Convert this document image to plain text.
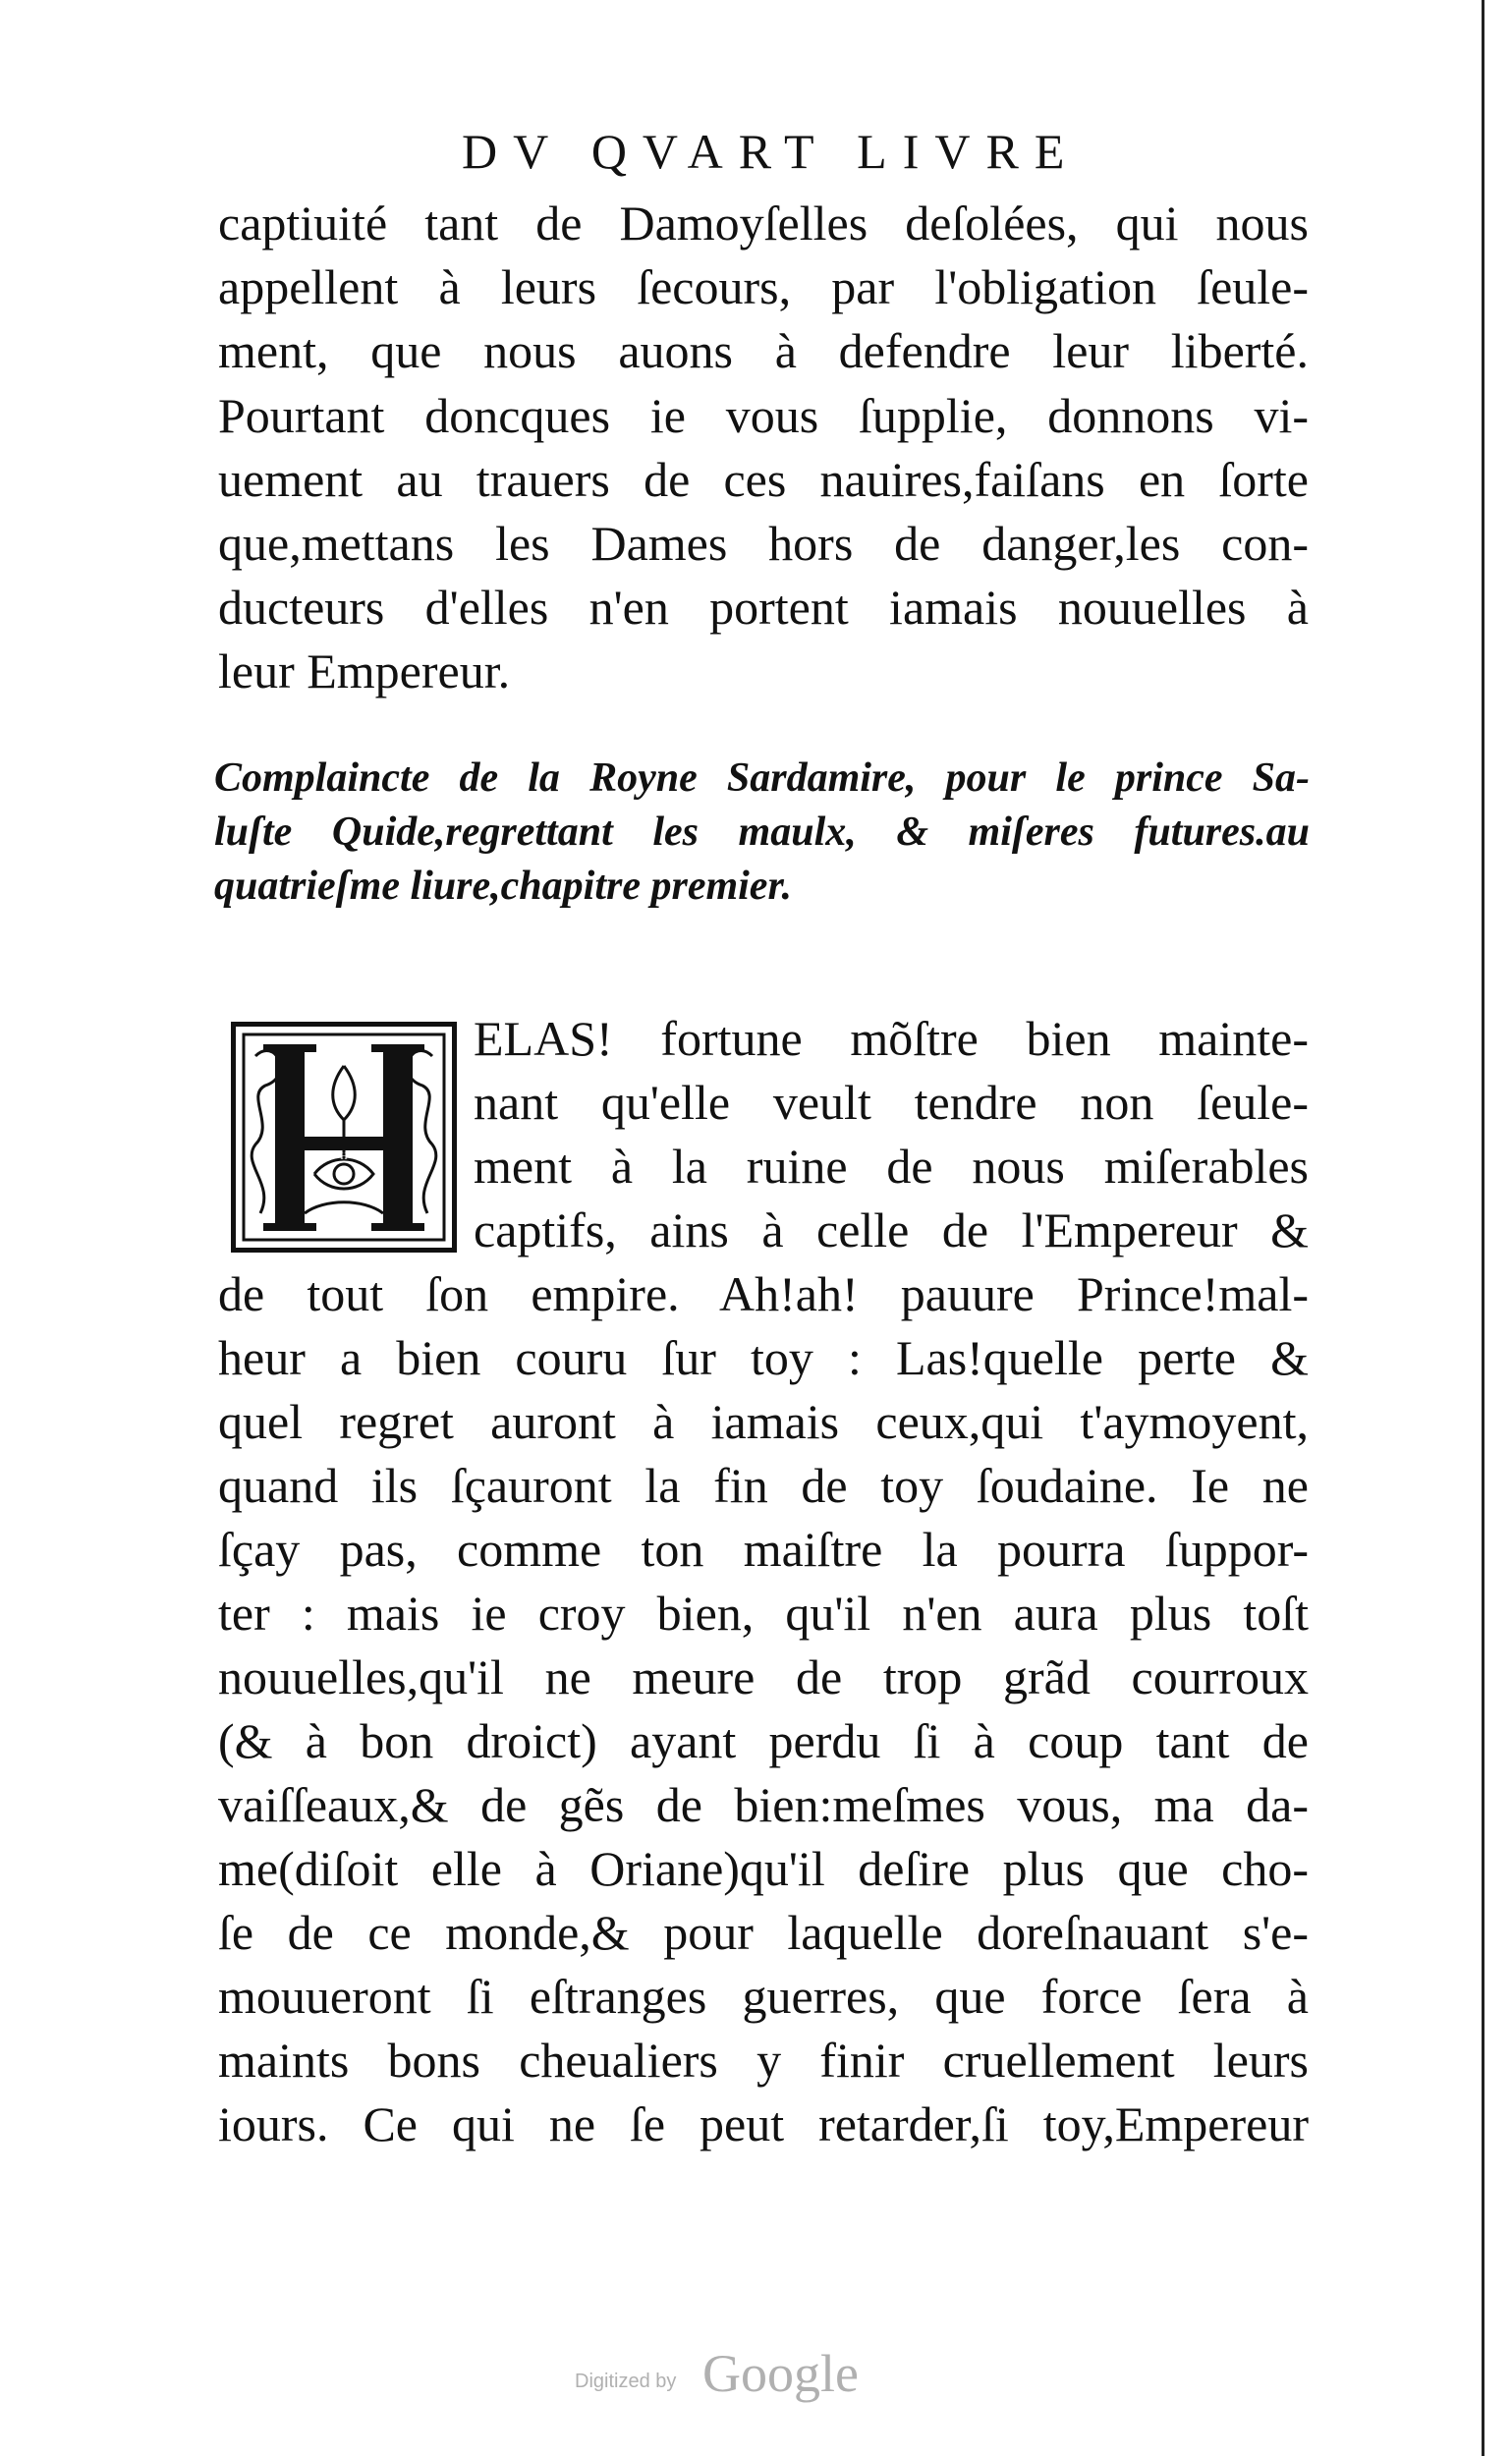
DV QVART LIVRE
captiuité tant de Damoyſelles deſolées, qui nous
appellent à leurs ſecours, par l'obligation ſeule-
ment, que nous auons à defendre leur liberté.
Pourtant doncques ie vous ſupplie, donnons vi-
uement au trauers de ces nauires,faiſans en ſorte
que,mettans les Dames hors de danger,les con-
ducteurs d'elles n'en portent iamais nouuelles à
leur Empereur.
Complaincte de la Royne Sardamire, pour le prince Sa-
luſte Quide,regrettant les maulx, & miſeres futures.au
quatrieſme liure,chapitre premier.
H
ELAS! fortune mõſtre bien mainte-
nant qu'elle veult tendre non ſeule-
ment à la ruine de nous miſerables
captifs, ains à celle de l'Empereur &
de tout ſon empire. Ah!ah! pauure Prince!mal-
heur a bien couru ſur toy : Las!quelle perte &
quel regret auront à iamais ceux,qui t'aymoyent,
quand ils ſçauront la fin de toy ſoudaine. Ie ne
ſçay pas, comme ton maiſtre la pourra ſuppor-
ter : mais ie croy bien, qu'il n'en aura plus toſt
nouuelles,qu'il ne meure de trop grãd courroux
(& à bon droict) ayant perdu ſi à coup tant de
vaiſſeaux,& de gẽs de bien:meſmes vous, ma da-
me(diſoit elle à Oriane)qu'il deſire plus que cho-
ſe de ce monde,& pour laquelle doreſnauant s'e-
mouueront ſi eſtranges guerres, que force ſera à
maints bons cheualiers y finir cruellement leurs
iours. Ce qui ne ſe peut retarder,ſi toy,Empereur
Digitized by Google
